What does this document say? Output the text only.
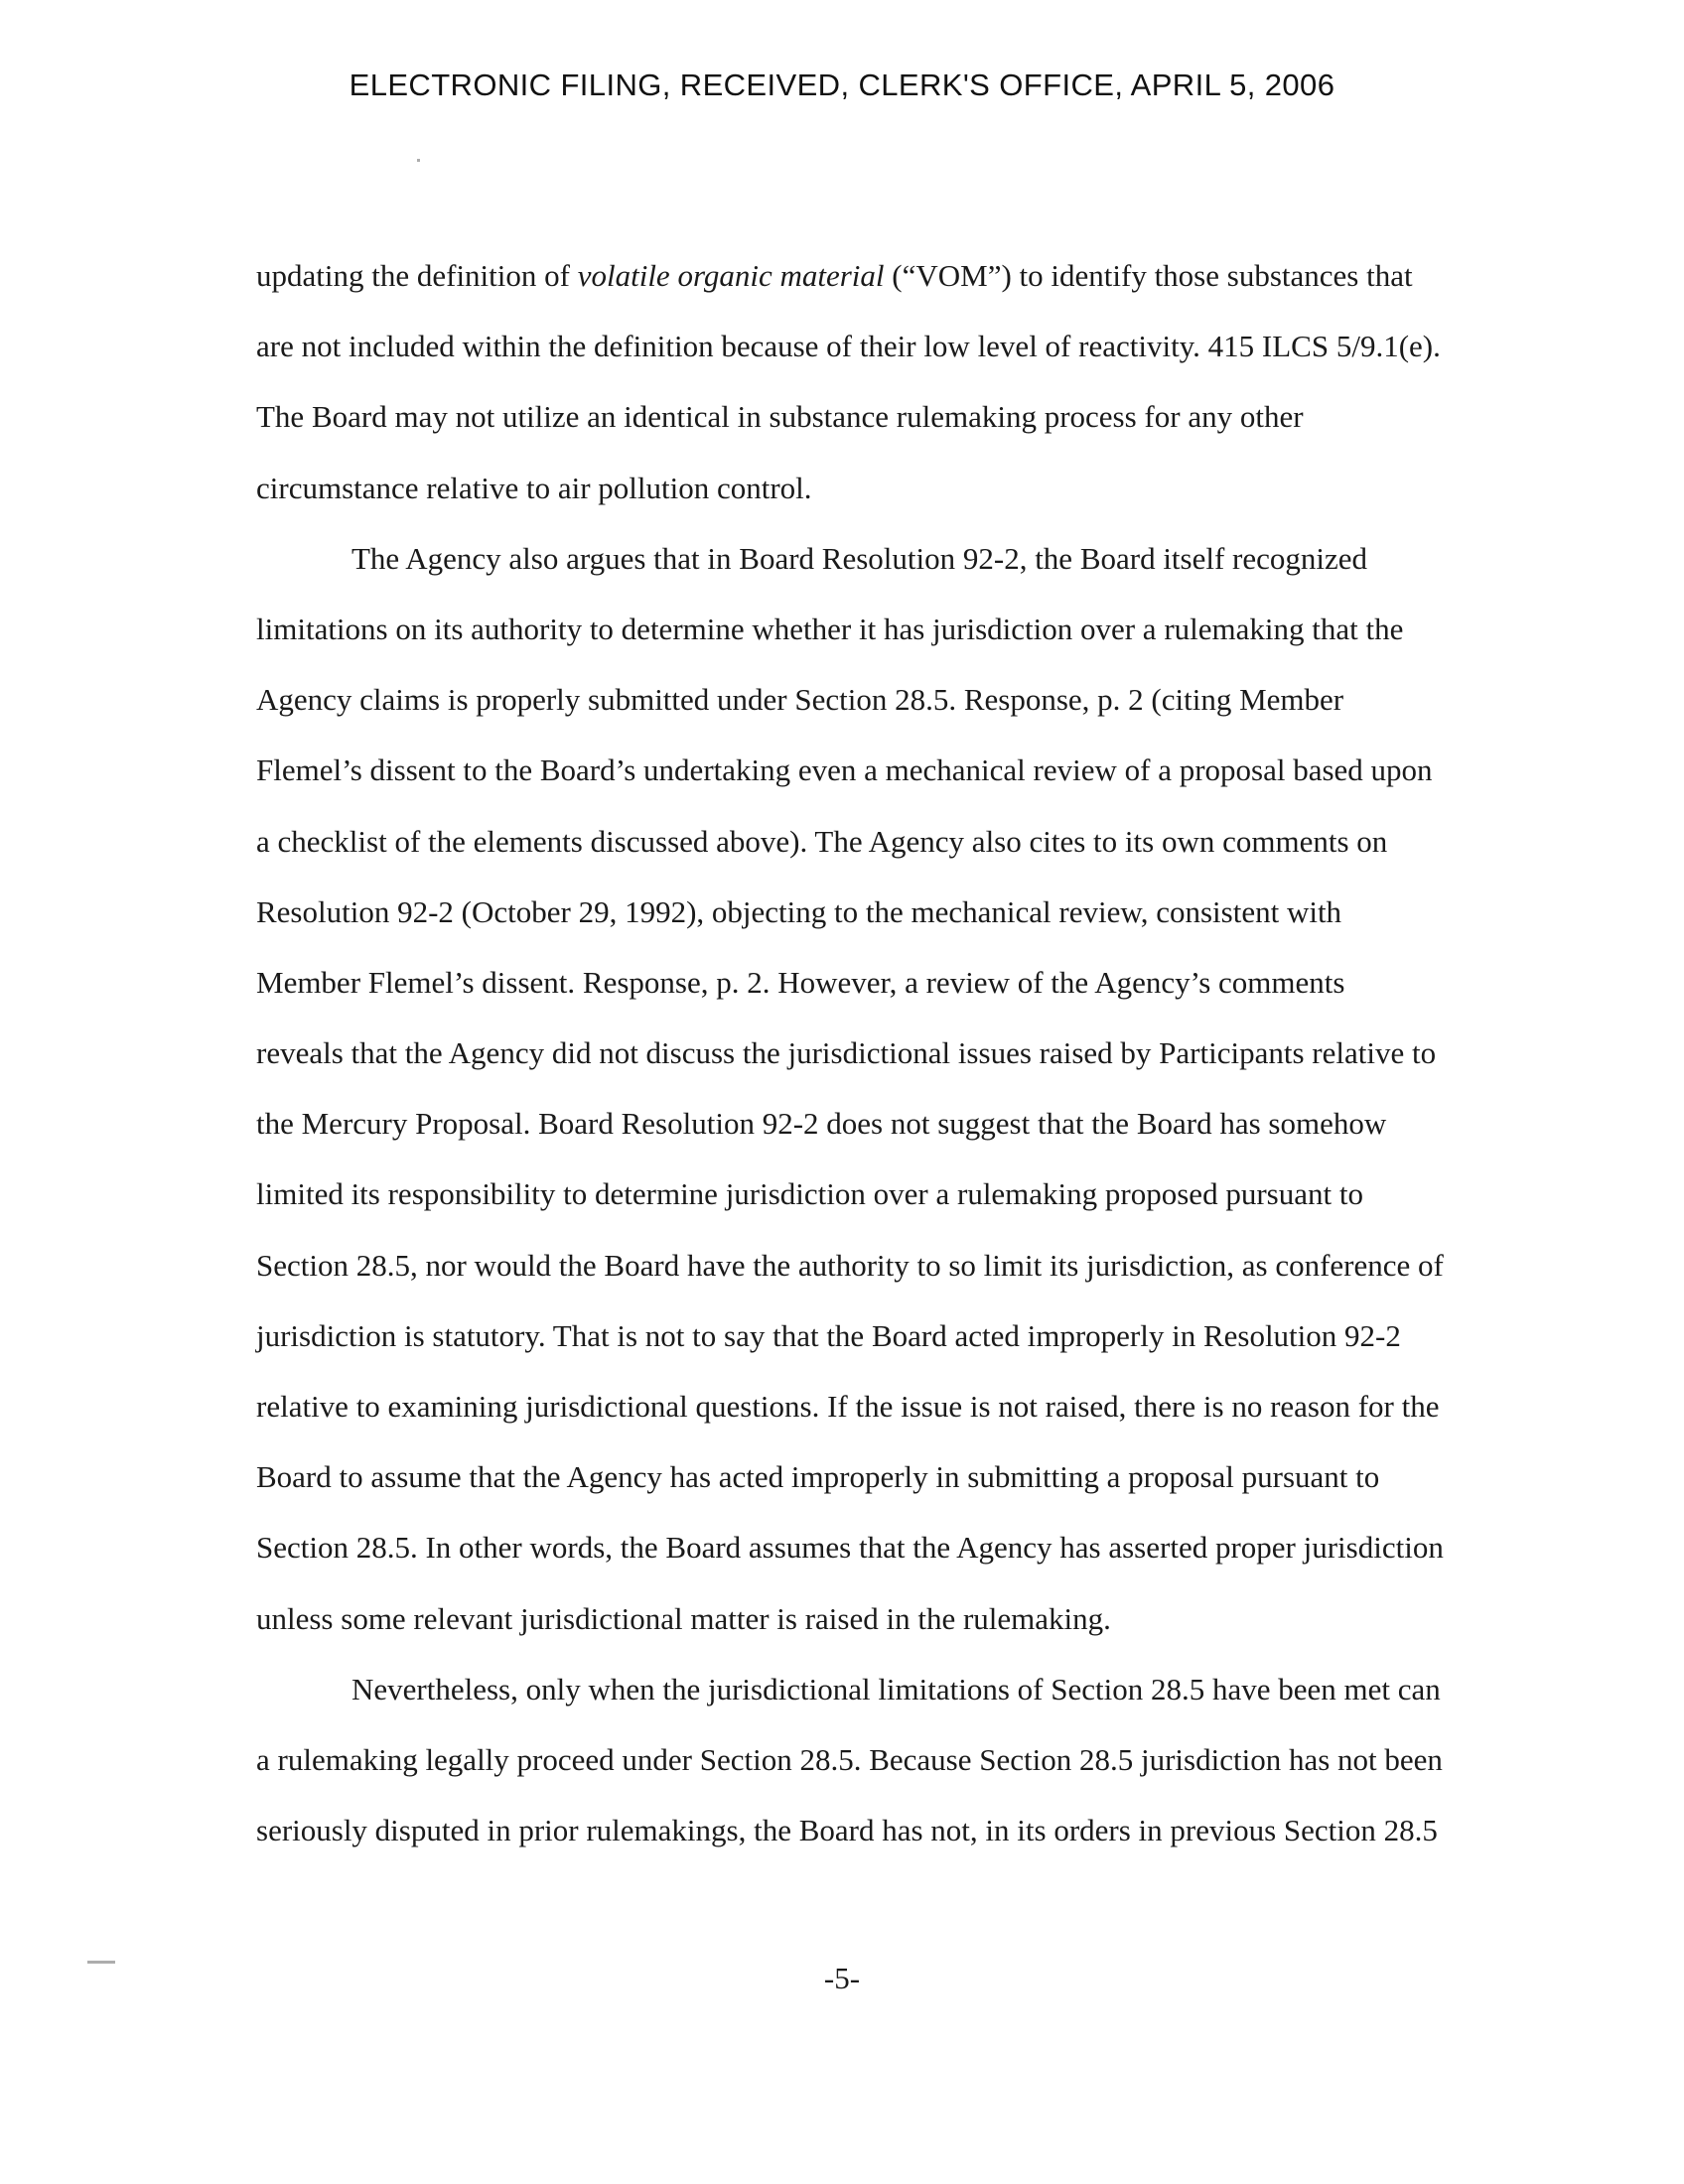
ELECTRONIC FILING, RECEIVED, CLERK'S OFFICE, APRIL 5, 2006
updating the definition of volatile organic material (“VOM”) to identify those substances that
are not included within the definition because of their low level of reactivity. 415 ILCS 5/9.1(e).
The Board may not utilize an identical in substance rulemaking process for any other
circumstance relative to air pollution control.
The Agency also argues that in Board Resolution 92-2, the Board itself recognized
limitations on its authority to determine whether it has jurisdiction over a rulemaking that the
Agency claims is properly submitted under Section 28.5. Response, p. 2 (citing Member
Flemel’s dissent to the Board’s undertaking even a mechanical review of a proposal based upon
a checklist of the elements discussed above). The Agency also cites to its own comments on
Resolution 92-2 (October 29, 1992), objecting to the mechanical review, consistent with
Member Flemel’s dissent. Response, p. 2. However, a review of the Agency’s comments
reveals that the Agency did not discuss the jurisdictional issues raised by Participants relative to
the Mercury Proposal. Board Resolution 92-2 does not suggest that the Board has somehow
limited its responsibility to determine jurisdiction over a rulemaking proposed pursuant to
Section 28.5, nor would the Board have the authority to so limit its jurisdiction, as conference of
jurisdiction is statutory. That is not to say that the Board acted improperly in Resolution 92-2
relative to examining jurisdictional questions. If the issue is not raised, there is no reason for the
Board to assume that the Agency has acted improperly in submitting a proposal pursuant to
Section 28.5. In other words, the Board assumes that the Agency has asserted proper jurisdiction
unless some relevant jurisdictional matter is raised in the rulemaking.
Nevertheless, only when the jurisdictional limitations of Section 28.5 have been met can
a rulemaking legally proceed under Section 28.5. Because Section 28.5 jurisdiction has not been
seriously disputed in prior rulemakings, the Board has not, in its orders in previous Section 28.5
-5-
